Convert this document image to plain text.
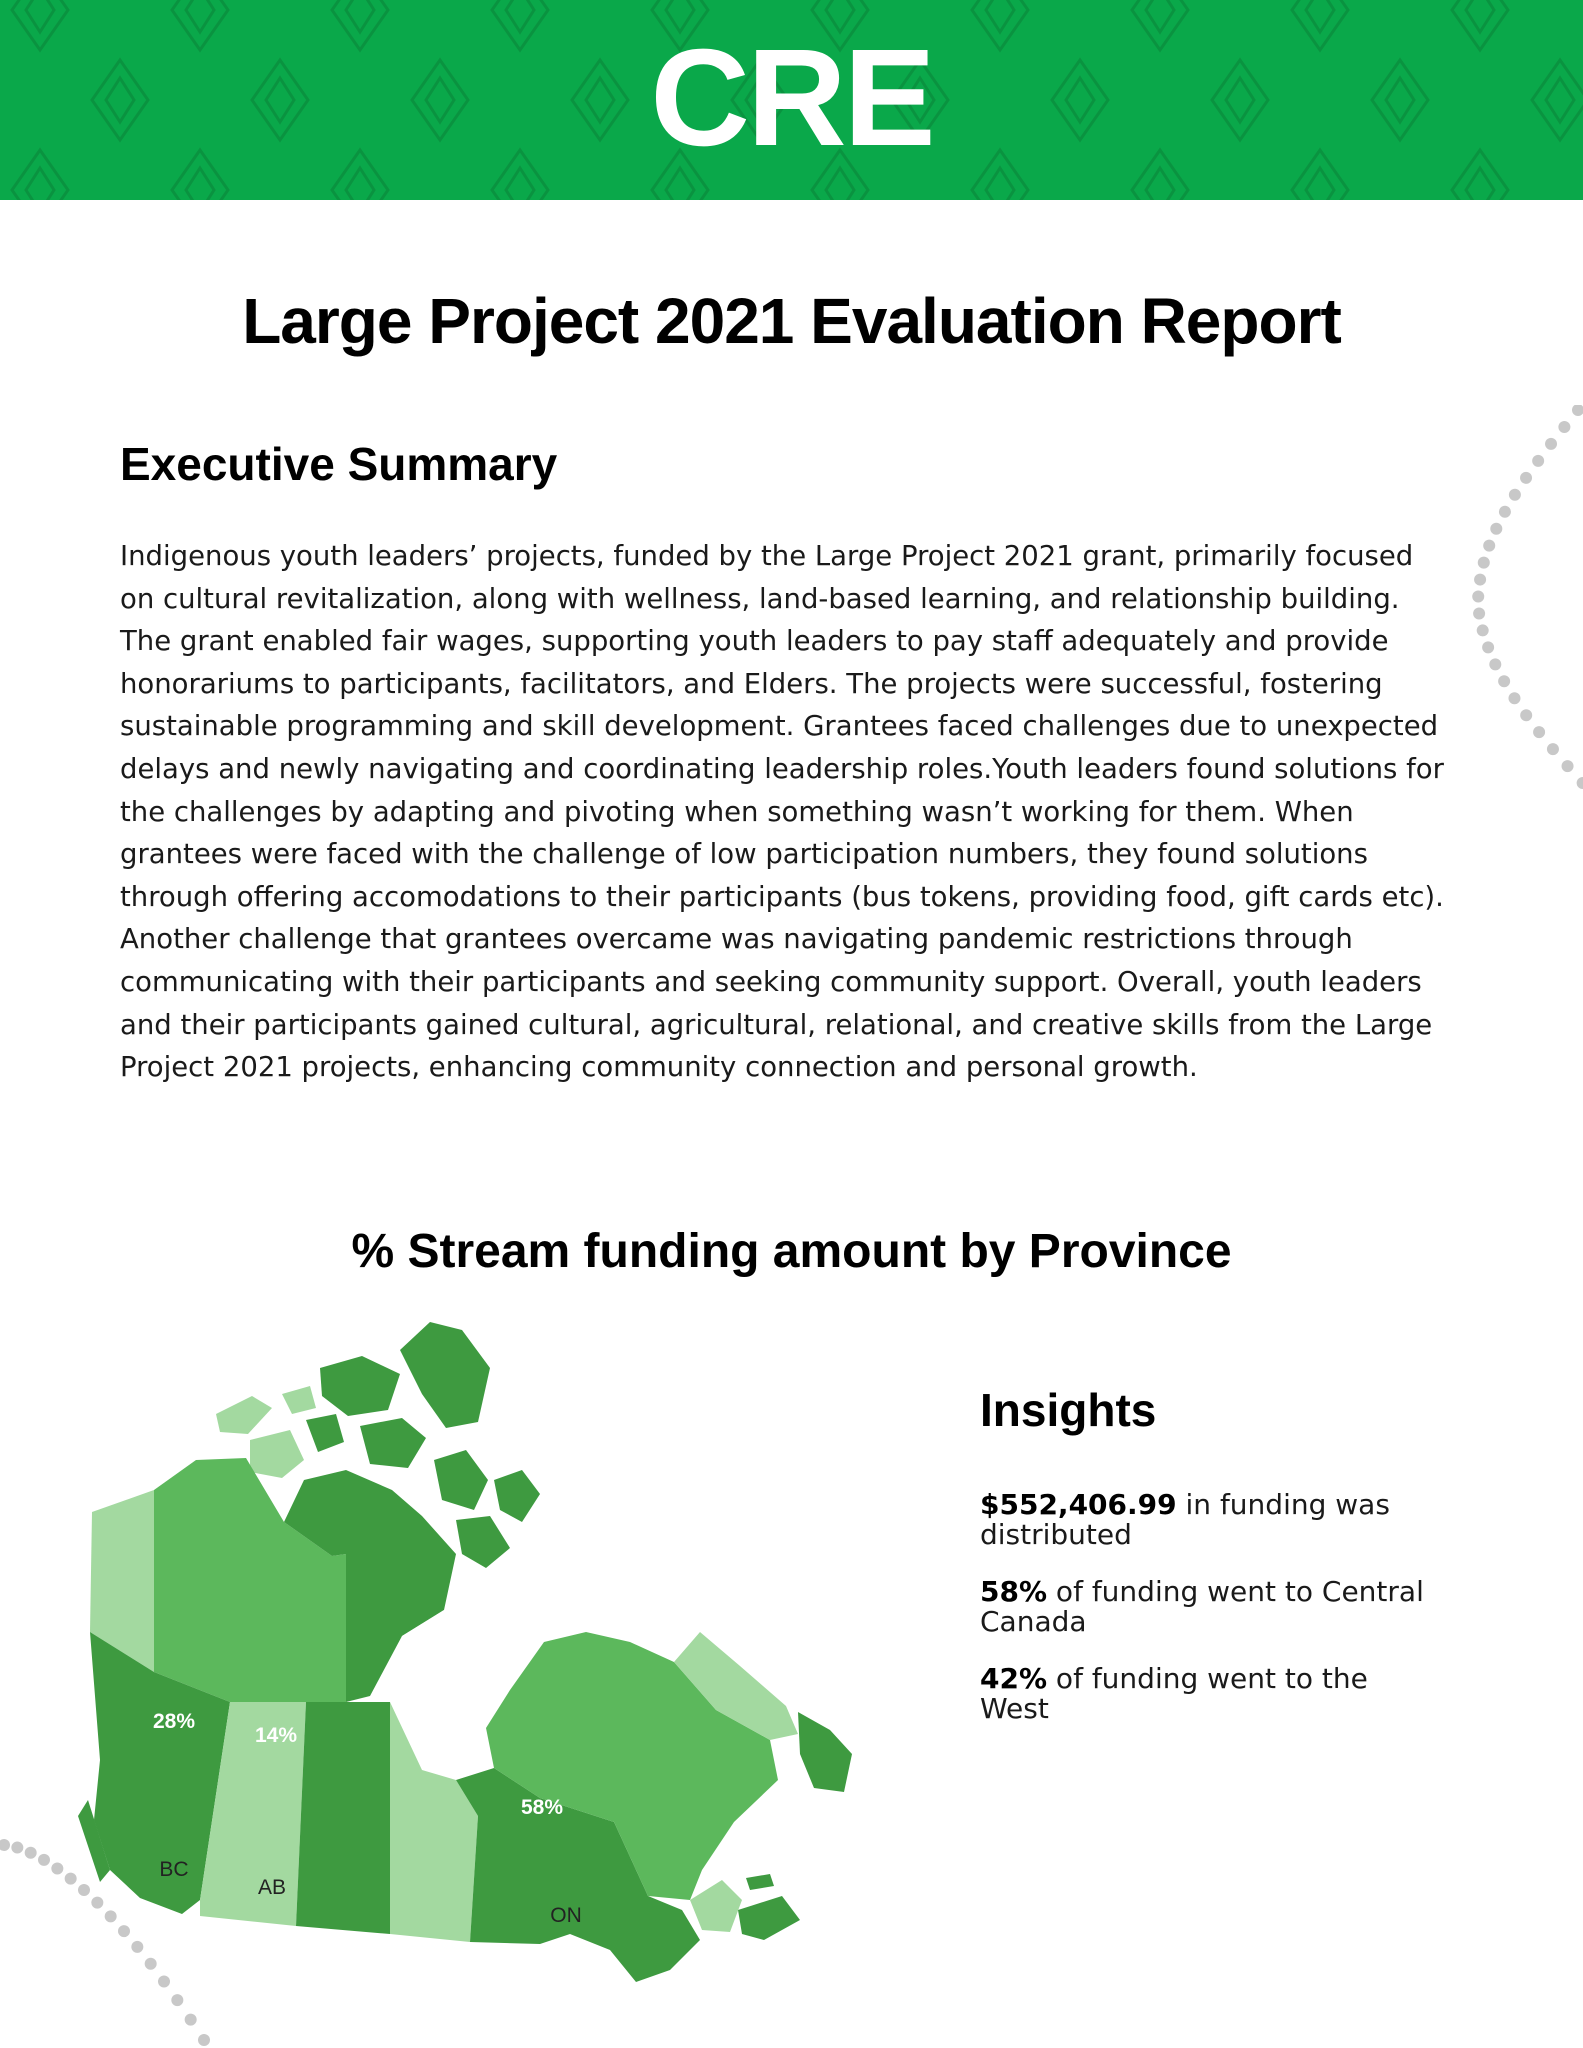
CRE
Large Project 2021 Evaluation Report
Executive Summary

Indigenous youth leaders’ projects, funded by the Large Project 2021 grant, primarily focused on cultural revitalization, along with wellness, land-based learning, and relationship building. The grant enabled fair wages, supporting youth leaders to pay staff adequately and provide honorariums to participants, facilitators, and Elders. The projects were successful, fostering sustainable programming and skill development. Grantees faced challenges due to unexpected delays and newly navigating and coordinating leadership roles.Youth leaders found solutions for the challenges by adapting and pivoting when something wasn’t working for them. When grantees were faced with the challenge of low participation numbers, they found solutions through offering accomodations to their participants (bus tokens, providing food, gift cards etc). Another challenge that grantees overcame was navigating pandemic restrictions through communicating with their participants and seeking community support. Overall, youth leaders and their participants gained cultural, agricultural, relational, and creative skills from the Large Project 2021 projects, enhancing community connection and personal growth.

% Stream funding amount by Province
28%
14%
58%
BC
AB
ON
Insights
$552,406.99 in funding was distributed
58% of funding went to Central Canada
42% of funding went to the West
